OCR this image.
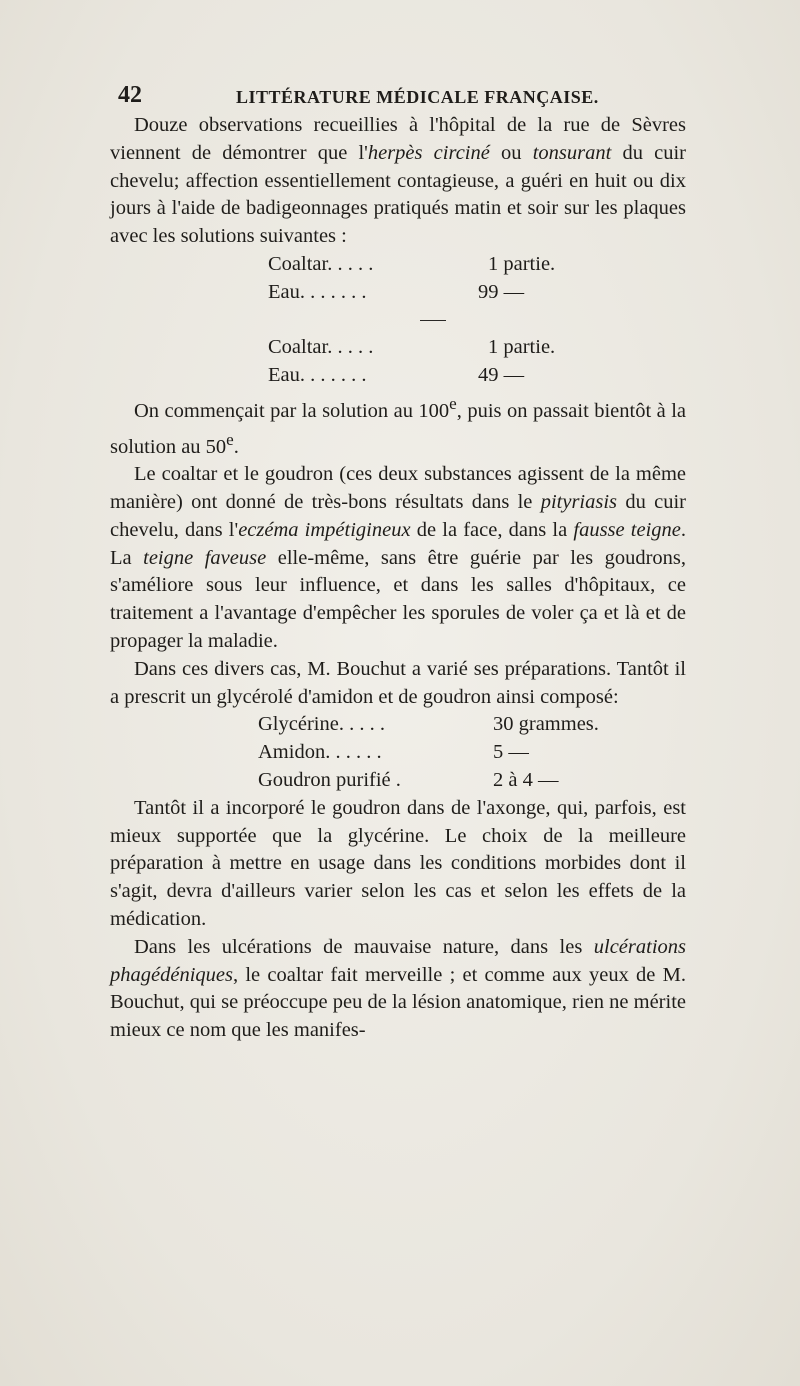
42	LITTÉRATURE MÉDICALE FRANÇAISE.

Douze observations recueillies à l'hôpital de la rue de Sèvres viennent de démontrer que l'herpès circiné ou tonsurant du cuir chevelu; affection essentiellement contagieuse, a guéri en huit ou dix jours à l'aide de badigeonnages pratiqués matin et soir sur les plaques avec les solutions suivantes :

Coaltar. . . . .	1 partie.
Eau. . . . . . .	99 —
Coaltar. . . . .	1 partie.
Eau. . . . . . .	49 —

On commençait par la solution au 100e, puis on passait bientôt à la solution au 50e.

Le coaltar et le goudron (ces deux substances agissent de la même manière) ont donné de très-bons résultats dans le pityriasis du cuir chevelu, dans l'eczéma impétigineux de la face, dans la fausse teigne. La teigne faveuse elle-même, sans être guérie par les goudrons, s'améliore sous leur influence, et dans les salles d'hôpitaux, ce traitement a l'avantage d'empêcher les sporules de voler ça et là et de propager la maladie.

Dans ces divers cas, M. Bouchut a varié ses préparations. Tantôt il a prescrit un glycérolé d'amidon et de goudron ainsi composé:

Glycérine. . . . .	30 grammes.
Amidon. . . . . .	5 —
Goudron purifié .	2 à 4 —

Tantôt il a incorporé le goudron dans de l'axonge, qui, parfois, est mieux supportée que la glycérine. Le choix de la meilleure préparation à mettre en usage dans les conditions morbides dont il s'agit, devra d'ailleurs varier selon les cas et selon les effets de la médication.

Dans les ulcérations de mauvaise nature, dans les ulcérations phagédéniques, le coaltar fait merveille ; et comme aux yeux de M. Bouchut, qui se préoccupe peu de la lésion anatomique, rien ne mérite mieux ce nom que les manifes-
